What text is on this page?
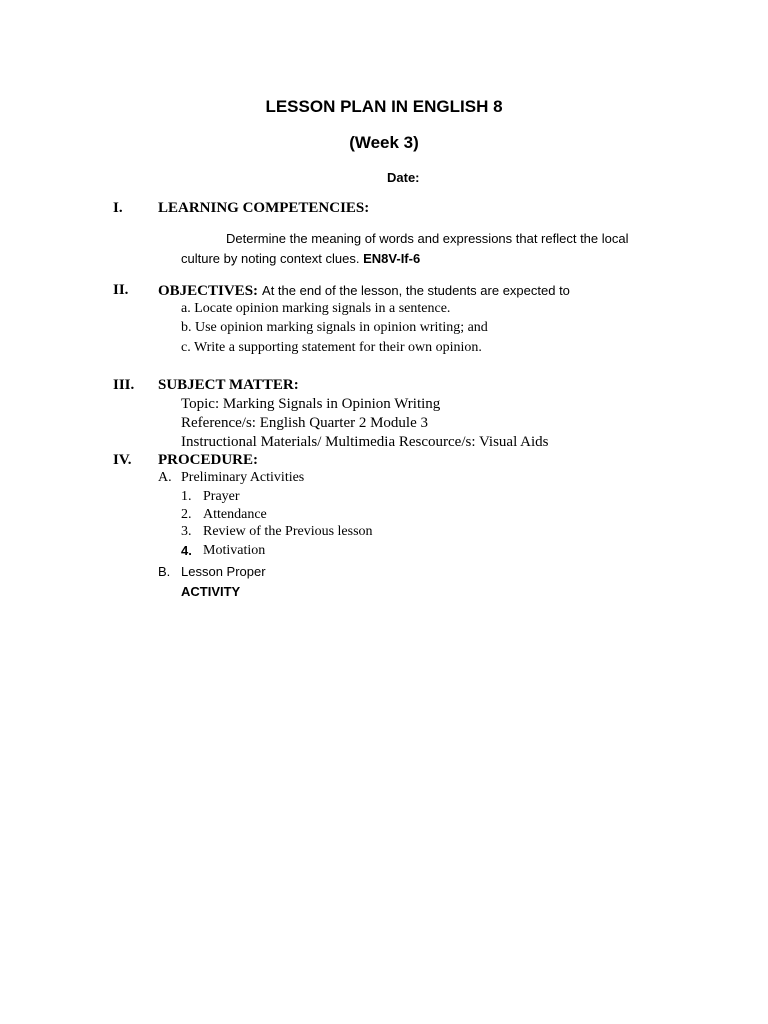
LESSON PLAN IN ENGLISH 8
(Week 3)
Date:
I. LEARNING COMPETENCIES:
Determine the meaning of words and expressions that reflect the local
culture by noting context clues. EN8V-If-6
II. OBJECTIVES: At the end of the lesson, the students are expected to
a. Locate opinion marking signals in a sentence.
b. Use opinion marking signals in opinion writing; and
c. Write a supporting statement for their own opinion.
III. SUBJECT MATTER:
Topic: Marking Signals in Opinion Writing
Reference/s: English Quarter 2 Module 3
Instructional Materials/ Multimedia Rescource/s: Visual Aids
IV. PROCEDURE:
A. Preliminary Activities
1. Prayer
2. Attendance
3. Review of the Previous lesson
4. Motivation
B. Lesson Proper
ACTIVITY
